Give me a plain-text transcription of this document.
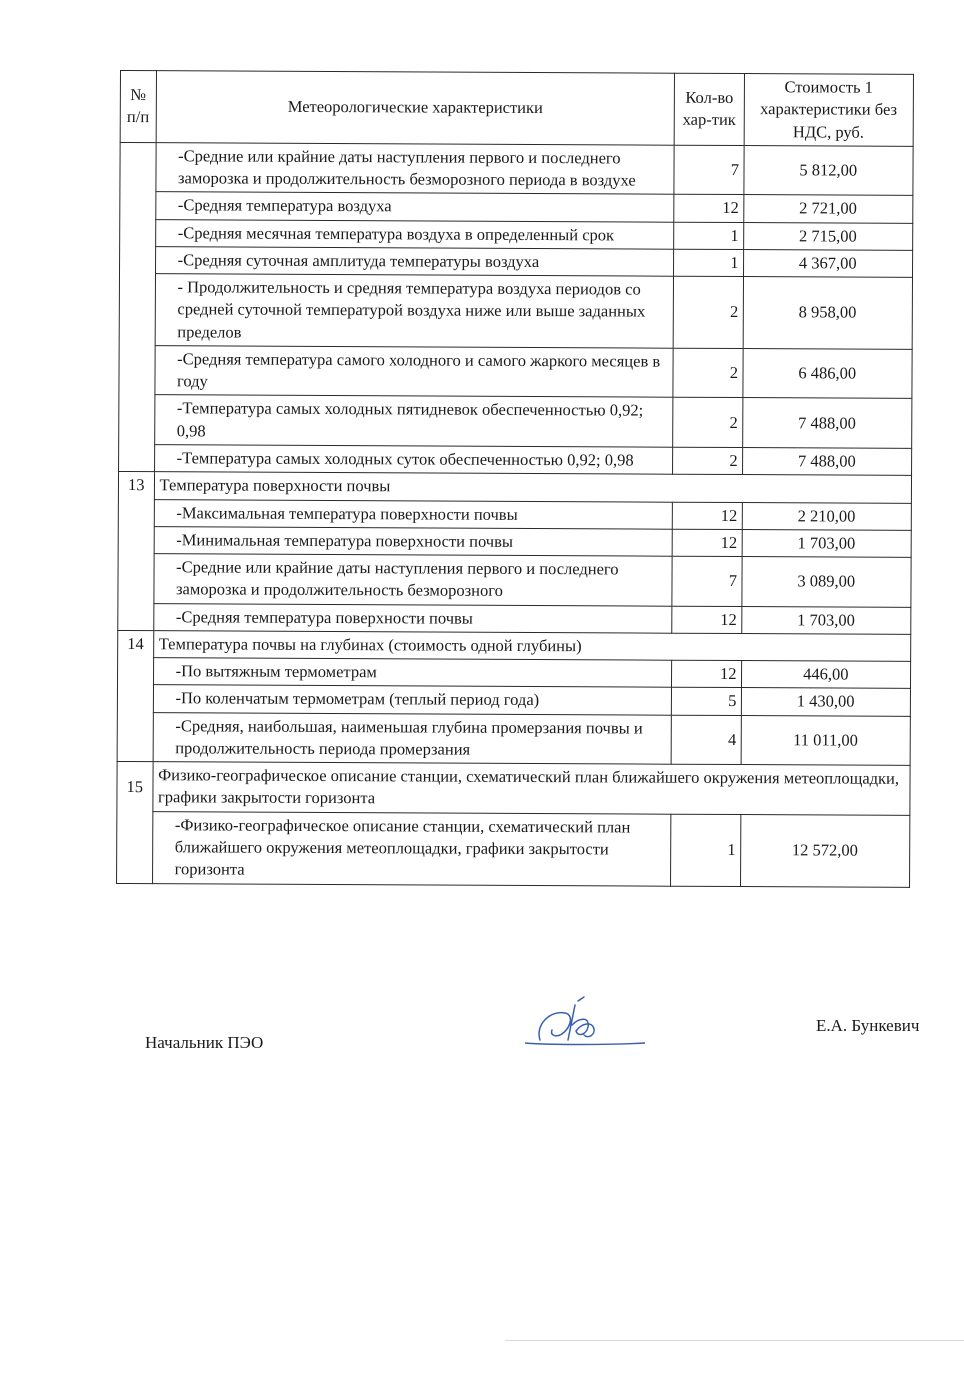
№ п/п	Метеорологические характеристики	Кол-во хар-тик	Стоимость 1 характеристики без НДС, руб.
	-Средние или крайние даты наступления первого и последнего заморозка и продолжительность безморозного периода в воздухе	7	5 812,00
	-Средняя температура воздуха	12	2 721,00
	-Средняя месячная температура воздуха в определенный срок	1	2 715,00
	-Средняя суточная амплитуда температуры воздуха	1	4 367,00
	- Продолжительность и средняя температура воздуха периодов со средней суточной температурой воздуха ниже или выше заданных пределов	2	8 958,00
	-Средняя температура самого холодного и самого жаркого месяцев в году	2	6 486,00
	-Температура самых холодных пятидневок обеспеченностью 0,92; 0,98	2	7 488,00
	-Температура самых холодных суток обеспеченностью 0,92; 0,98	2	7 488,00
13	Температура поверхности почвы		
	-Максимальная температура поверхности почвы	12	2 210,00
	-Минимальная температура поверхности почвы	12	1 703,00
	-Средние или крайние даты наступления первого и последнего заморозка и продолжительность безморозного	7	3 089,00
	-Средняя температура поверхности почвы	12	1 703,00
14	Температура почвы на глубинах (стоимость одной глубины)		
	-По вытяжным термометрам	12	446,00
	-По коленчатым термометрам (теплый период года)	5	1 430,00
	-Средняя, наибольшая, наименьшая глубина промерзания почвы и продолжительность периода промерзания	4	11 011,00
15	Физико-географическое описание станции, схематический план ближайшего окружения метеоплощадки, графики закрытости горизонта		
	-Физико-географическое описание станции, схематический план ближайшего окружения метеоплощадки, графики закрытости горизонта	1	12 572,00
Начальник ПЭО
Е.А. Бункевич
